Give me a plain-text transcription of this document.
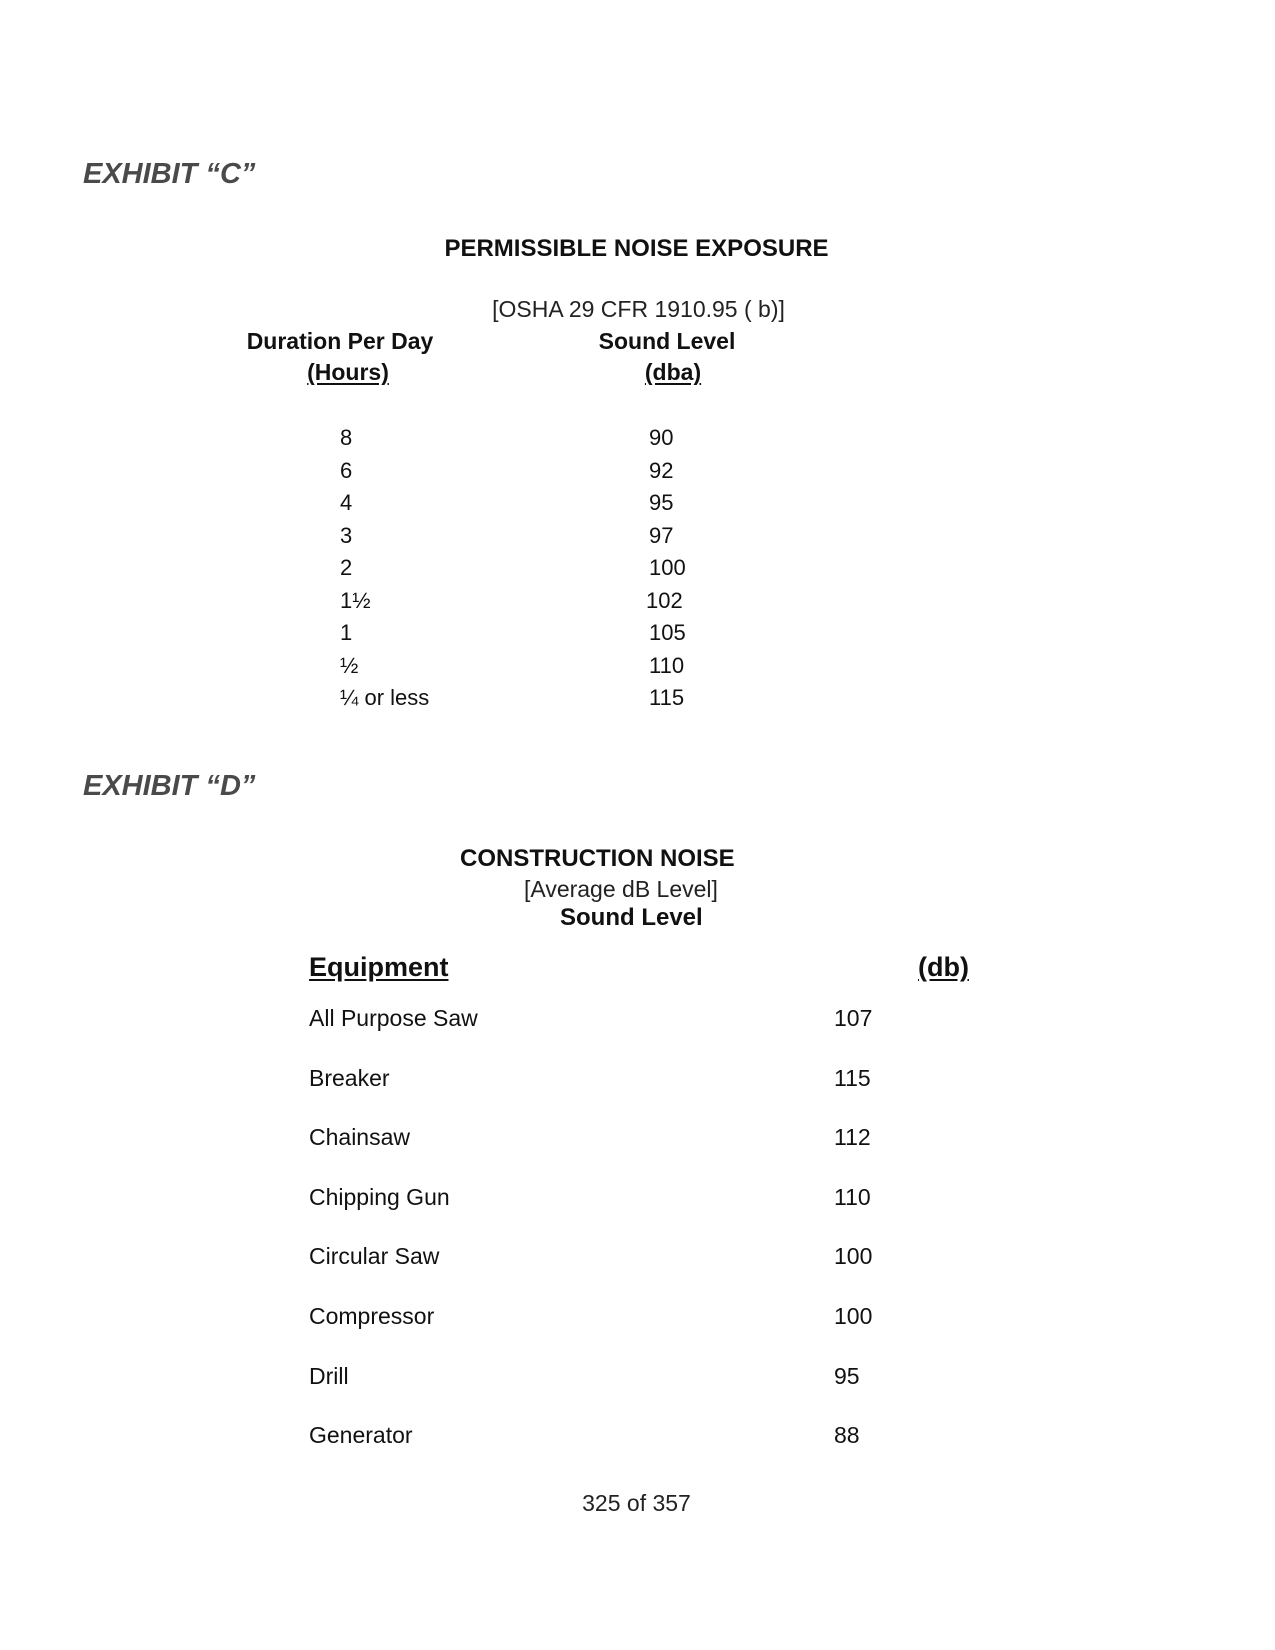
EXHIBIT “C”
PERMISSIBLE NOISE EXPOSURE
[OSHA 29 CFR 1910.95 ( b)]
Duration Per Day
(Hours)
Sound Level
(dba)
8	90
6	92
4	95
3	97
2	100
1½	102
1	105
½	110
¼ or less	115
EXHIBIT “D”
CONSTRUCTION NOISE
[Average dB Level]
Sound Level
Equipment	(db)
All Purpose Saw	107
Breaker	115
Chainsaw	112
Chipping Gun	110
Circular Saw	100
Compressor	100
Drill	95
Generator	88
325 of 357
